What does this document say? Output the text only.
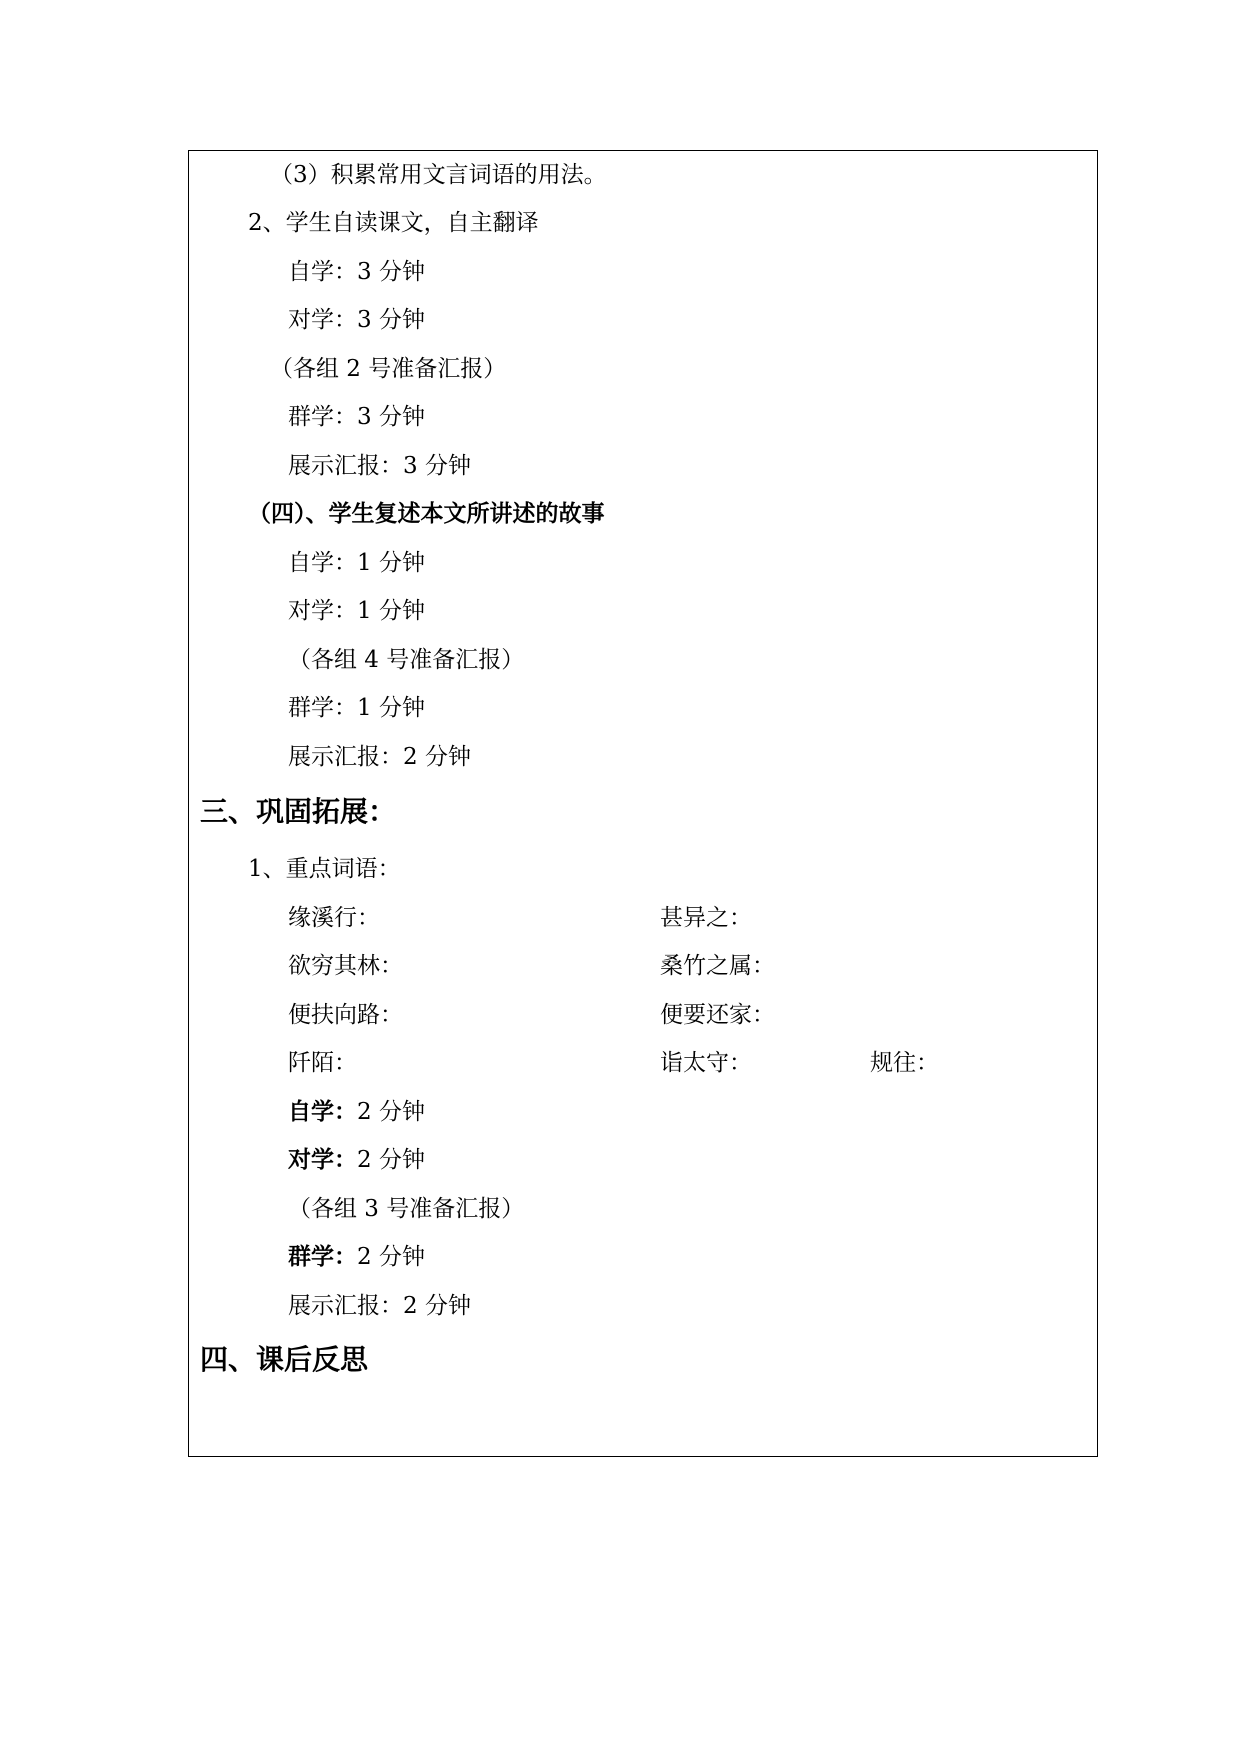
（3）积累常用文言词语的用法。
2、学生自读课文，自主翻译
自学：3 分钟
对学：3 分钟
（各组 2 号准备汇报）
群学：3 分钟
展示汇报：3 分钟
（四）、学生复述本文所讲述的故事
自学：1 分钟
对学：1 分钟
（各组 4 号准备汇报）
群学：1 分钟
展示汇报：2 分钟
三、巩固拓展：
1、重点词语：
缘溪行：	甚异之：
欲穷其林：	桑竹之属：
便扶向路：	便要还家：
阡陌：	诣太守：	规往：
自学：2 分钟
对学：2 分钟
（各组 3 号准备汇报）
群学：2 分钟
展示汇报：2 分钟
四、课后反思
